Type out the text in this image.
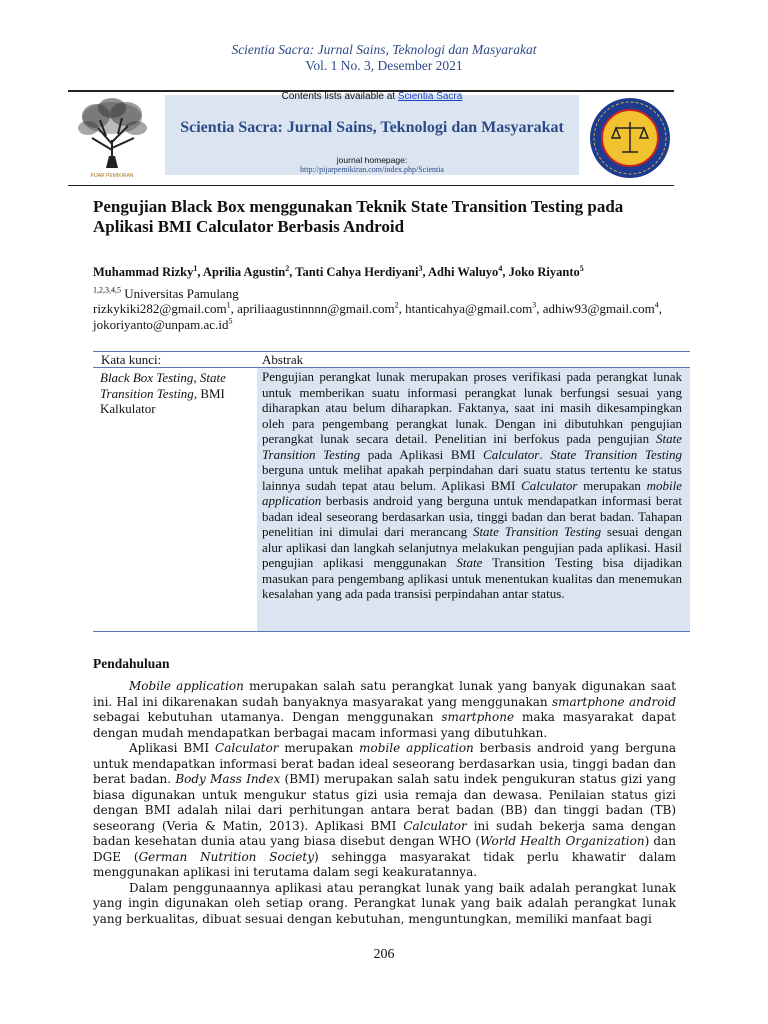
Scientia Sacra: Jurnal Sains, Teknologi dan Masyarakat
Vol. 1 No. 3, Desember 2021
Contents lists available at Scientia Sacra
Scientia Sacra: Jurnal Sains, Teknologi dan Masyarakat
journal homepage:
http://pijarpemikiran.com/index.php/Scientia
PIJAR PEMIKIRAN
Pengujian Black Box menggunakan Teknik State Transition Testing pada Aplikasi BMI Calculator Berbasis Android
Muhammad Rizky$^1$, Aprilia Agustin$^2$, Tanti Cahya Herdiyani$^3$, Adhi Waluyo$^4$, Joko Riyanto$^5$
$^{1,2,3,4,5}$ Universitas Pamulang
rizkykiki282@gmail.com$^1$, apriliaagustinnnn@gmail.com$^2$, htanticahya@gmail.com$^3$, adhiw93@gmail.com$^4$, $jokoriyanto@unpam.ac.id^5$
Kata kunci:	Abstrak
Black Box Testing, State Transition Testing, BMI Kalkulator
Pengujian perangkat lunak merupakan proses verifikasi pada perangkat lunak untuk memberikan suatu informasi perangkat lunak berfungsi sesuai yang diharapkan atau belum diharapkan. Faktanya, saat ini masih dikesampingkan oleh para pengembang perangkat lunak. Dengan ini dibutuhkan pengujian perangkat lunak secara detail. Penelitian ini berfokus pada pengujian State Transition Testing pada Aplikasi BMI Calculator. State Transition Testing berguna untuk melihat apakah perpindahan dari suatu status tertentu ke status lainnya sudah tepat atau belum. Aplikasi BMI Calculator merupakan mobile application berbasis android yang berguna untuk mendapatkan informasi berat badan ideal seseorang berdasarkan usia, tinggi badan dan berat badan. Tahapan penelitian ini dimulai dari merancang State Transition Testing sesuai dengan alur aplikasi dan langkah selanjutnya melakukan pengujian pada aplikasi. Hasil pengujian aplikasi menggunakan State Transition Testing bisa dijadikan masukan para pengembang aplikasi untuk menentukan kualitas dan menemukan kesalahan yang ada pada transisi perpindahan antar status.
Pendahuluan

Mobile application merupakan salah satu perangkat lunak yang banyak digunakan saat ini. Hal ini dikarenakan sudah banyaknya masyarakat yang menggunakan smartphone android sebagai kebutuhan utamanya. Dengan menggunakan smartphone maka masyarakat dapat dengan mudah mendapatkan berbagai macam informasi yang dibutuhkan.

Aplikasi BMI Calculator merupakan mobile application berbasis android yang berguna untuk mendapatkan informasi berat badan ideal seseorang berdasarkan usia, tinggi badan dan berat badan. Body Mass Index (BMI) merupakan salah satu indek pengukuran status gizi yang biasa digunakan untuk mengukur status gizi usia remaja dan dewasa. Penilaian status gizi dengan BMI adalah nilai dari perhitungan antara berat badan (BB) dan tinggi badan (TB) seseorang (Veria & Matin, 2013). Aplikasi BMI Calculator ini sudah bekerja sama dengan badan kesehatan dunia atau yang biasa disebut dengan WHO (World Health Organization) dan DGE (German Nutrition Society) sehingga masyarakat tidak perlu khawatir dalam menggunakan aplikasi ini terutama dalam segi keakuratannya.

Dalam penggunaannya aplikasi atau perangkat lunak yang baik adalah perangkat lunak yang ingin digunakan oleh setiap orang. Perangkat lunak yang baik adalah perangkat lunak yang berkualitas, dibuat sesuai dengan kebutuhan, menguntungkan, memiliki manfaat bagi

206
